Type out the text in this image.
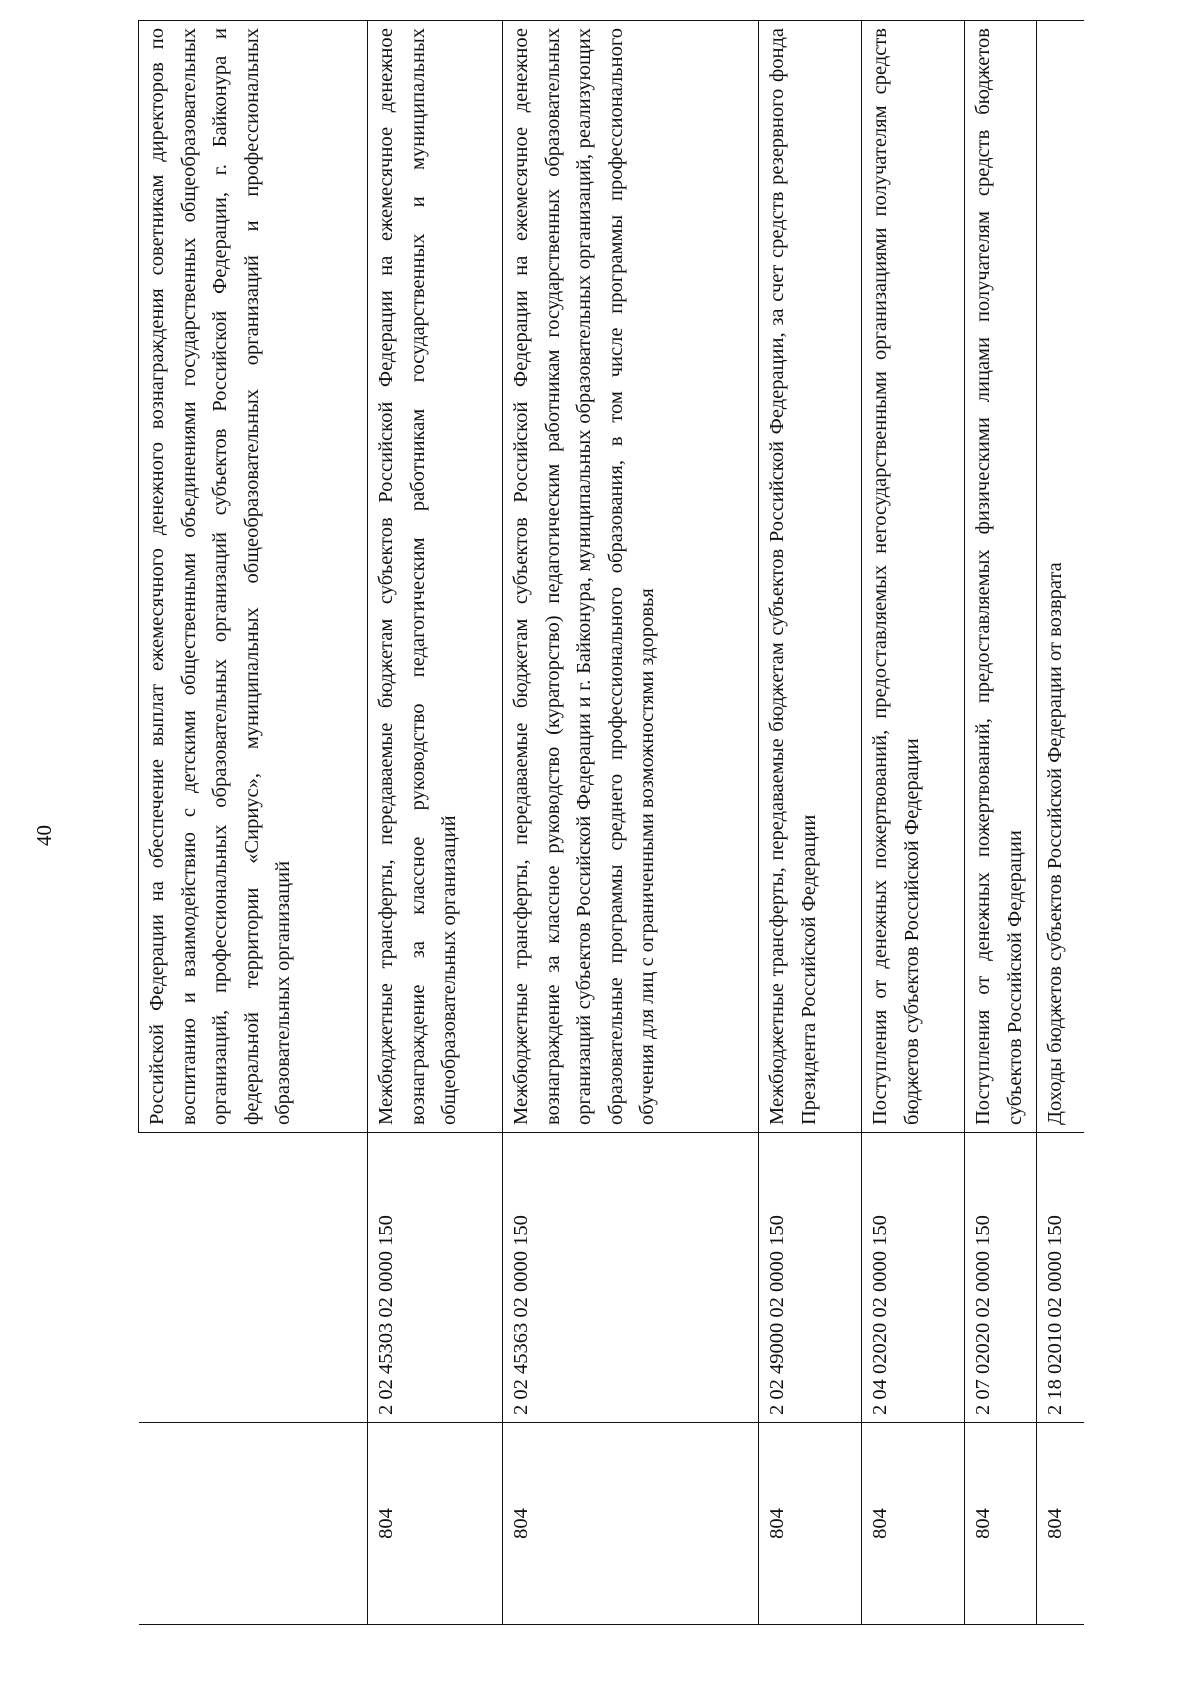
40
			Российской Федерации на обеспечение выплат ежемесячного денежного вознаграждения советникам директоров по воспитанию и взаимодействию с детскими общественными объединениями государственных общеобразовательных организаций, профессиональных образовательных организаций субъектов Российской Федерации, г. Байконура и федеральной территории «Сириус», муниципальных общеобразовательных организаций и профессиональных образовательных организаций
804	2 02 45303 02 0000 150	Межбюджетные трансферты, передаваемые бюджетам субъектов Российской Федерации на ежемесячное денежное вознаграждение за классное руководство педагогическим работникам государственных и муниципальных общеобразовательных организаций
804	2 02 45363 02 0000 150	Межбюджетные трансферты, передаваемые бюджетам субъектов Российской Федерации на ежемесячное денежное вознаграждение за классное руководство (кураторство) педагогическим работникам государственных образовательных организаций субъектов Российской Федерации и г. Байконура, муниципальных образовательных организаций, реализующих образовательные программы среднего профессионального образования, в том числе программы профессионального обучения для лиц с ограниченными возможностями здоровья
804	2 02 49000 02 0000 150	Межбюджетные трансферты, передаваемые бюджетам субъектов Российской Федерации, за счет средств резервного фонда Президента Российской Федерации
804	2 04 02020 02 0000 150	Поступления от денежных пожертвований, предоставляемых негосударственными организациями получателям средств бюджетов субъектов Российской Федерации
804	2 07 02020 02 0000 150	Поступления от денежных пожертвований, предоставляемых физическими лицами получателям средств бюджетов субъектов Российской Федерации
804	2 18 02010 02 0000 150	Доходы бюджетов субъектов Российской Федерации от возврата
